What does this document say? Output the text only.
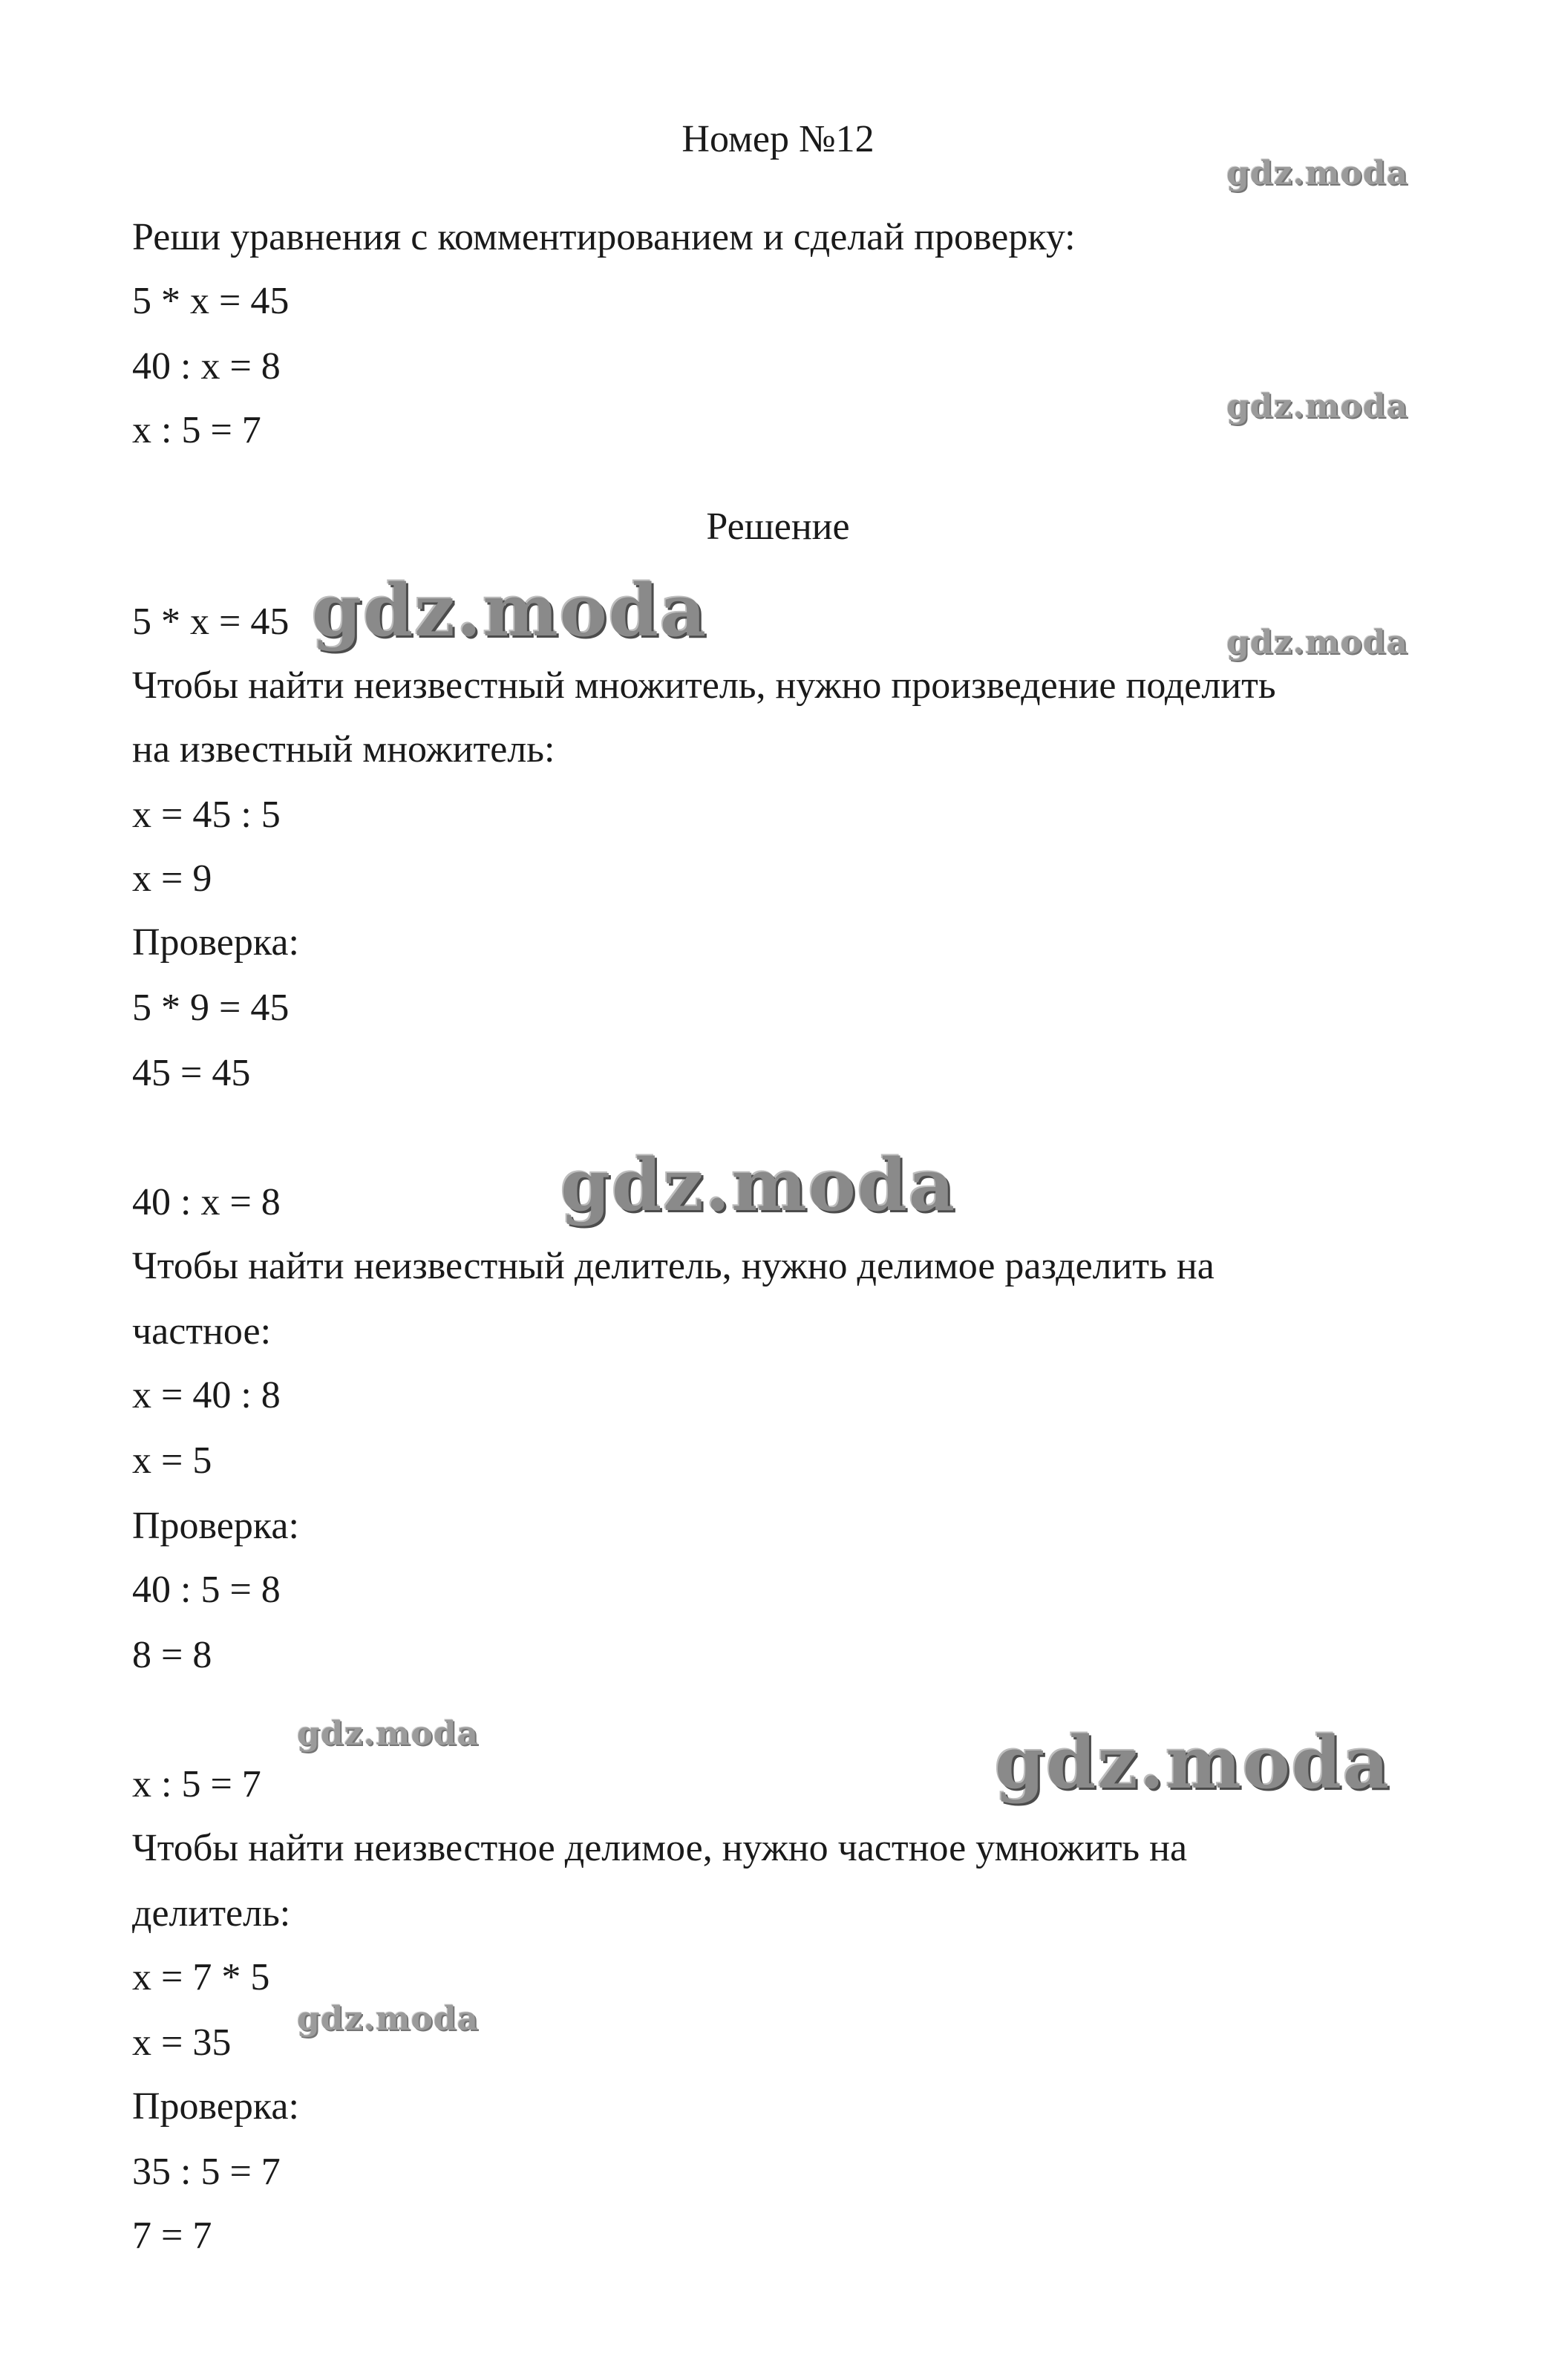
Номер №12
Реши уравнения с комментированием и сделай проверку:
5 * x = 45
40 : x = 8
x : 5 = 7
Решение
5 * x = 45
Чтобы найти неизвестный множитель, нужно произведение поделить
на известный множитель:
x = 45 : 5
x = 9
Проверка:
5 * 9 = 45
45 = 45
40 : x = 8
Чтобы найти неизвестный делитель, нужно делимое разделить на
частное:
x = 40 : 8
x = 5
Проверка:
40 : 5 = 8
8 = 8
x : 5 = 7
Чтобы найти неизвестное делимое, нужно частное умножить на
делитель:
x = 7 * 5
x = 35
Проверка:
35 : 5 = 7
7 = 7
gdz.moda
gdz.moda
gdz.moda
gdz.moda
gdz.moda
gdz.moda	gdz.moda
gdz.moda
